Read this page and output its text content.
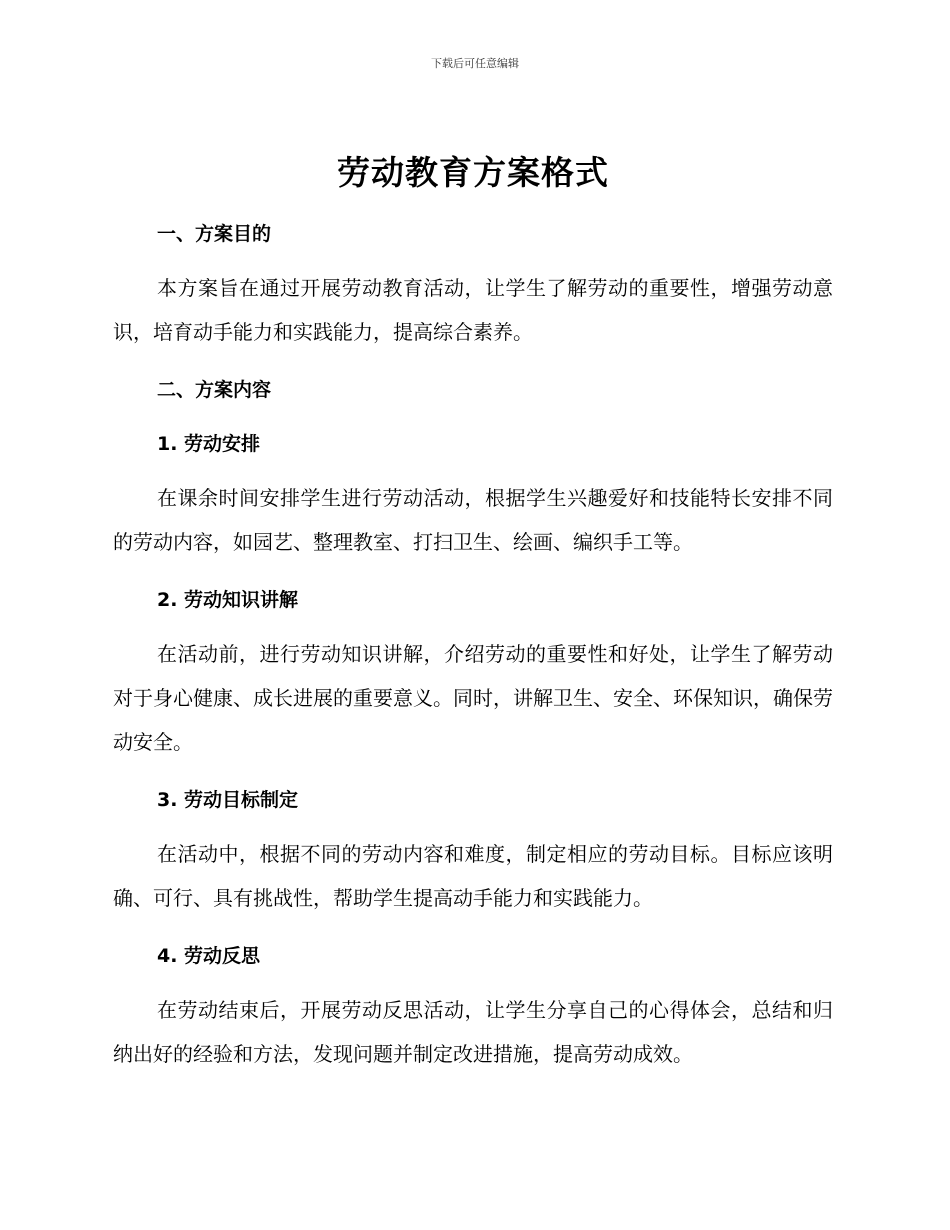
下载后可任意编辑
劳动教育方案格式
一、方案目的

本方案旨在通过开展劳动教育活动，让学生了解劳动的重要性，增强劳动意识，培育动手能力和实践能力，提高综合素养。

二、方案内容
1. 劳动安排

在课余时间安排学生进行劳动活动，根据学生兴趣爱好和技能特长安排不同的劳动内容，如园艺、整理教室、打扫卫生、绘画、编织手工等。

2. 劳动知识讲解

在活动前，进行劳动知识讲解，介绍劳动的重要性和好处，让学生了解劳动对于身心健康、成长进展的重要意义。同时，讲解卫生、安全、环保知识，确保劳动安全。

3. 劳动目标制定

在活动中，根据不同的劳动内容和难度，制定相应的劳动目标。目标应该明确、可行、具有挑战性，帮助学生提高动手能力和实践能力。

4. 劳动反思

在劳动结束后，开展劳动反思活动，让学生分享自己的心得体会，总结和归纳出好的经验和方法，发现问题并制定改进措施，提高劳动成效。
